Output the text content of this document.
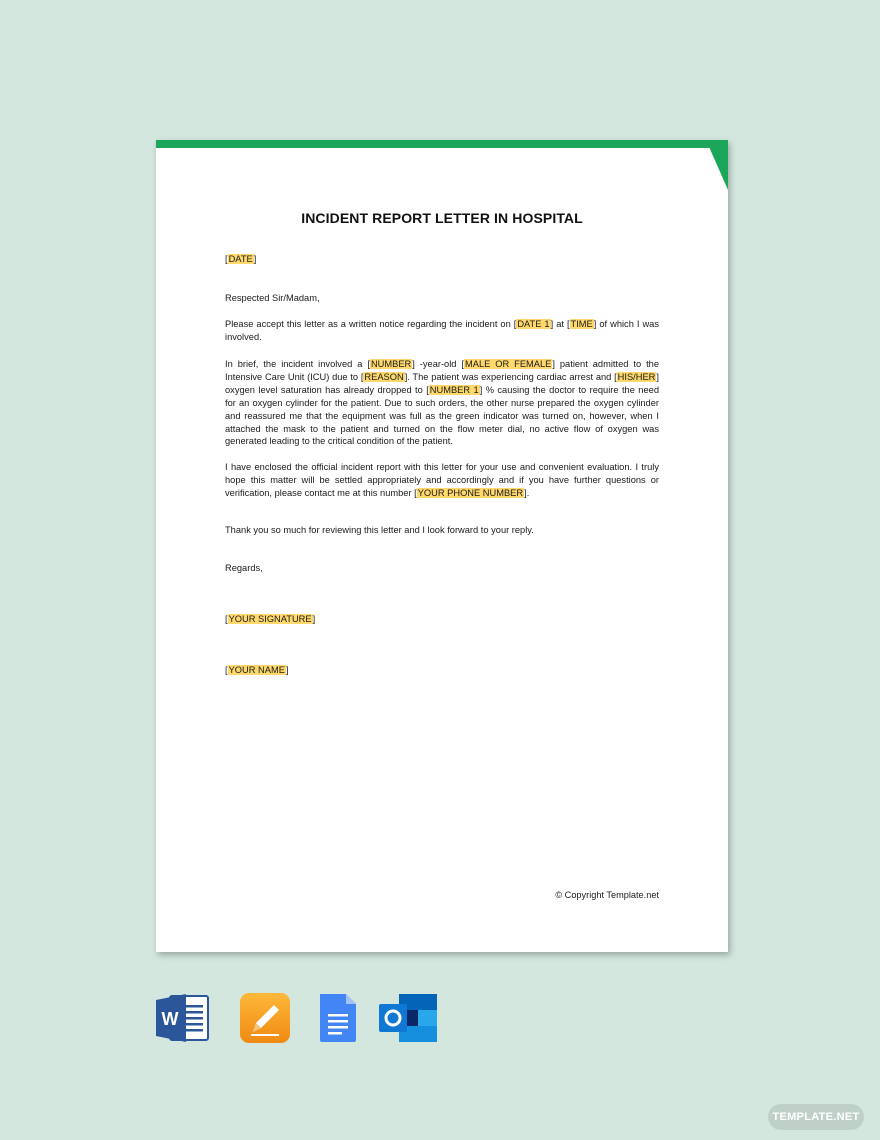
INCIDENT REPORT LETTER IN HOSPITAL

[DATE]

Respected Sir/Madam,

Please accept this letter as a written notice regarding the incident on [DATE 1] at [TIME] of which I was involved.

In brief, the incident involved a [NUMBER] -year-old [MALE OR FEMALE] patient admitted to the Intensive Care Unit (ICU) due to [REASON]. The patient was experiencing cardiac arrest and [HIS/HER] oxygen level saturation has already dropped to [NUMBER 1] % causing the doctor to require the need for an oxygen cylinder for the patient. Due to such orders, the other nurse prepared the oxygen cylinder and reassured me that the equipment was full as the green indicator was turned on, however, when I attached the mask to the patient and turned on the flow meter dial, no active flow of oxygen was generated leading to the critical condition of the patient.

I have enclosed the official incident report with this letter for your use and convenient evaluation. I truly hope this matter will be settled appropriately and accordingly and if you have further questions or verification, please contact me at this number [YOUR PHONE NUMBER].

Thank you so much for reviewing this letter and I look forward to your reply.

Regards,

[YOUR SIGNATURE]

[YOUR NAME]

© Copyright Template.net
W
TEMPLATE.NET
